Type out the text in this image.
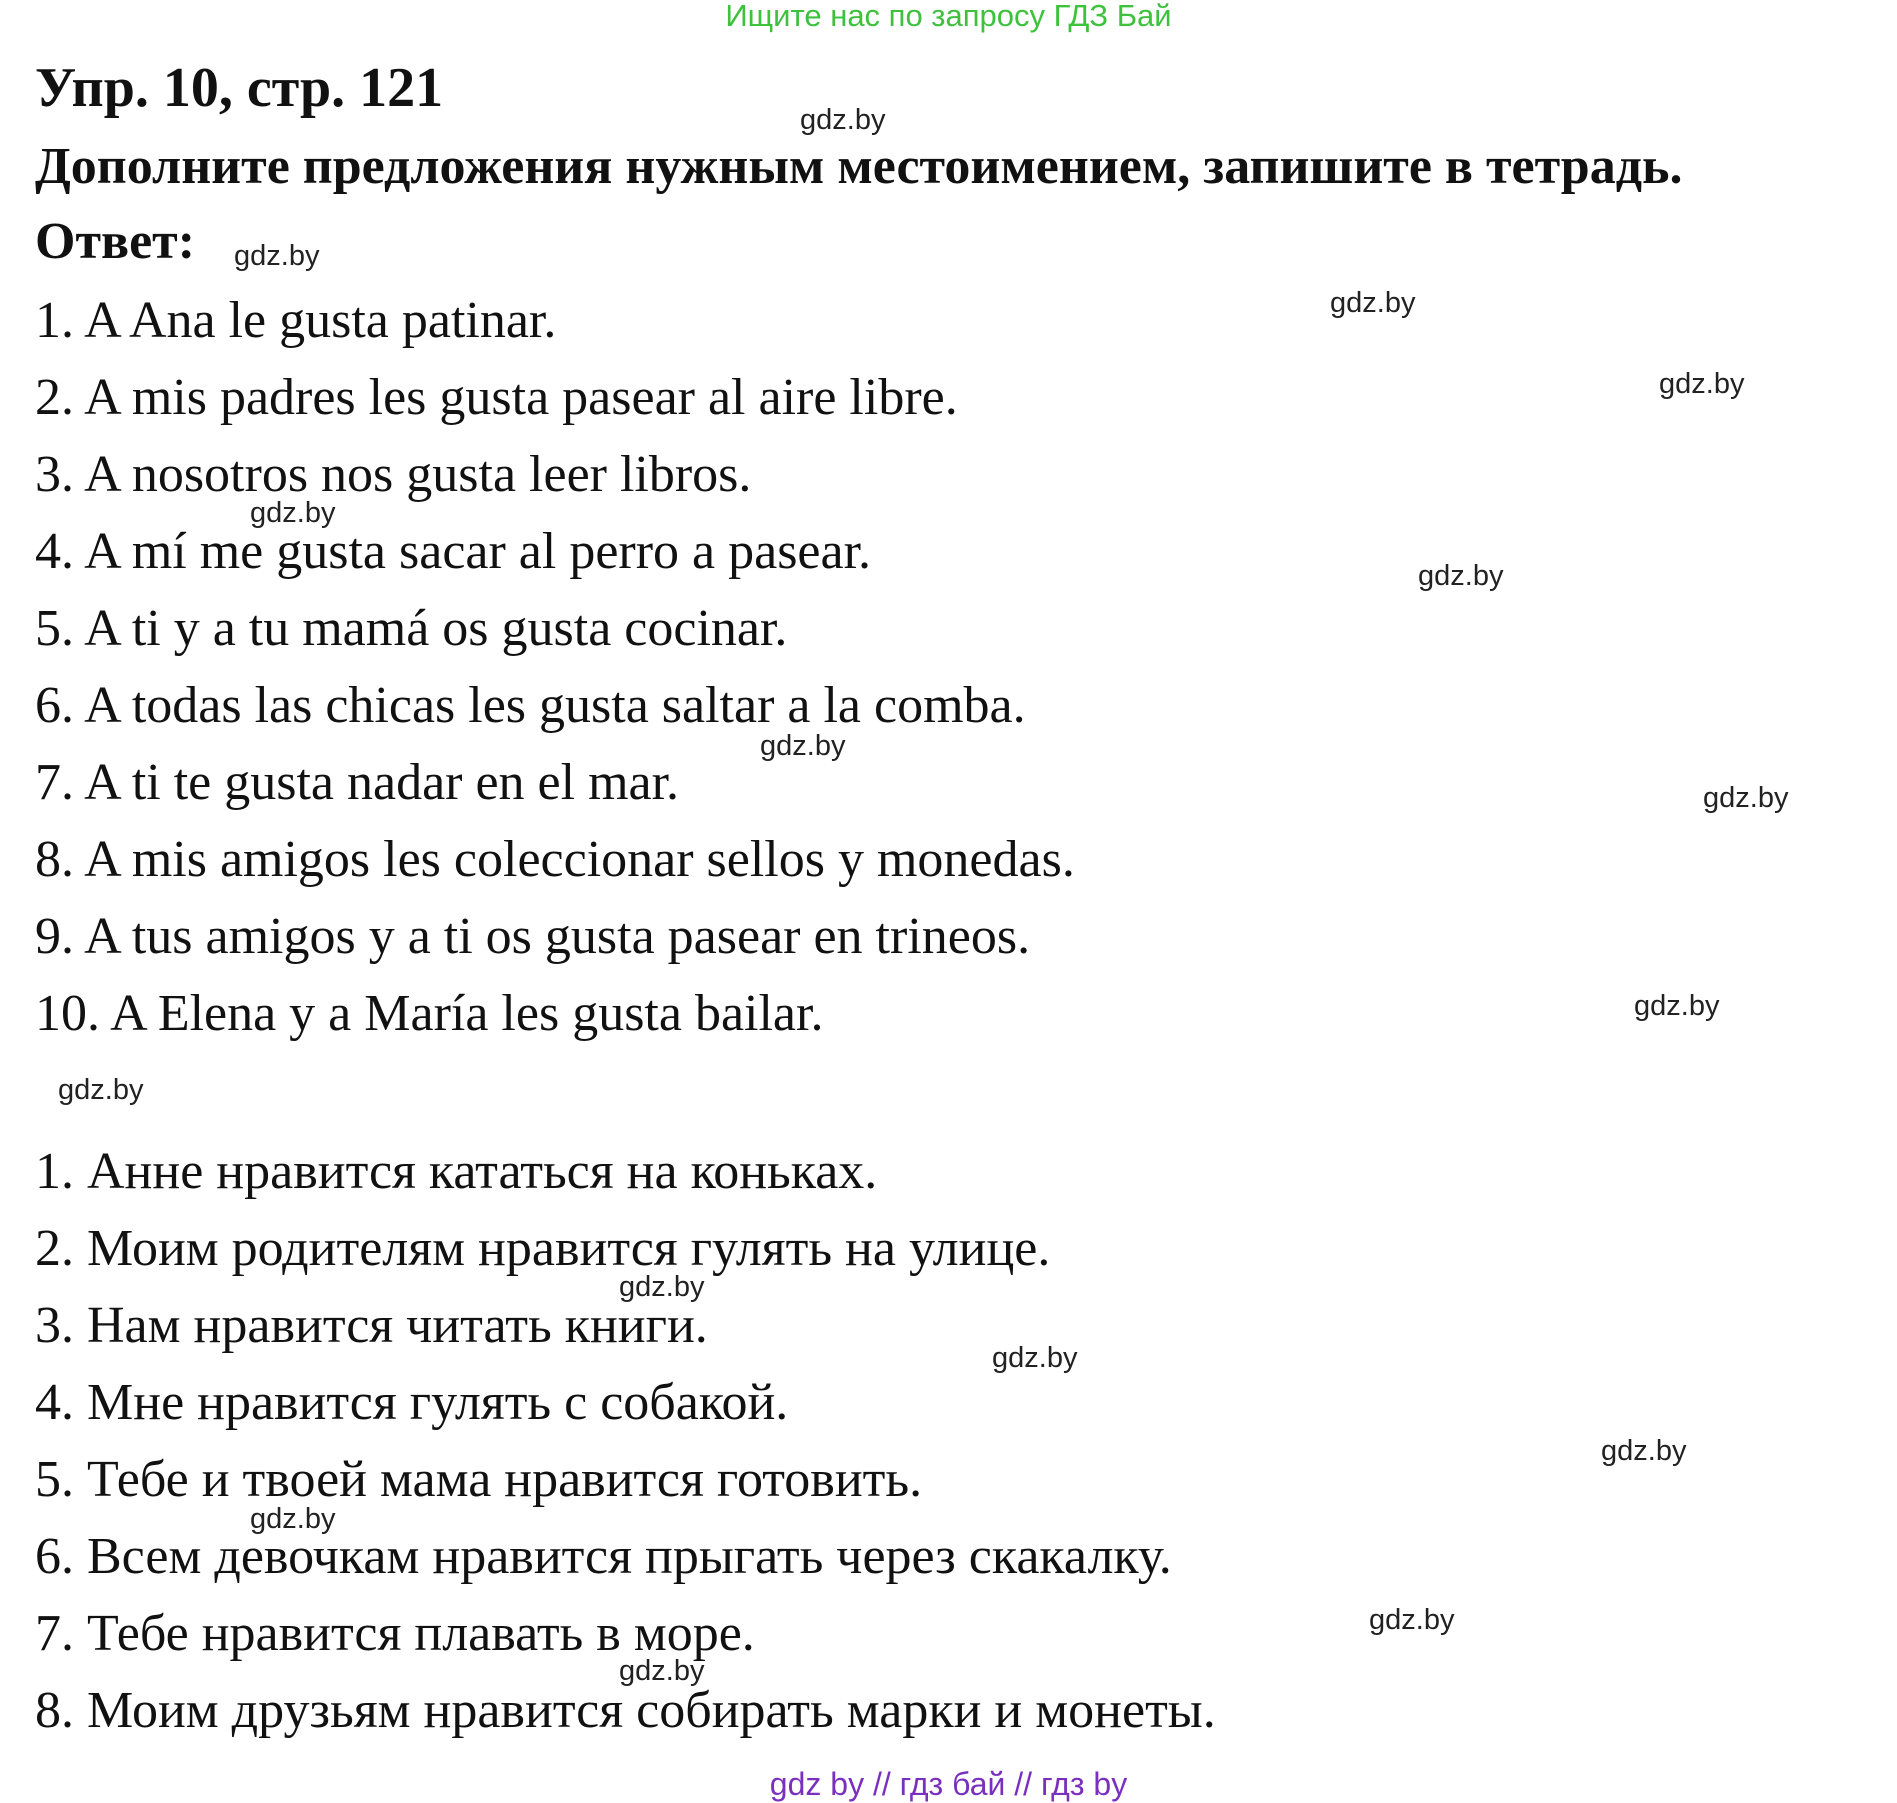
Ищите нас по запросу ГДЗ Бай
Упр. 10, стр. 121
Дополните предложения нужным местоимением, запишите в тетрадь.
Ответ:
1. A Ana le gusta patinar.
2. A mis padres les gusta pasear al aire libre.
3. A nosotros nos gusta leer libros.
4. A mí me gusta sacar al perro a pasear.
5. A ti y a tu mamá os gusta cocinar.
6. A todas las chicas les gusta saltar a la comba.
7. A ti te gusta nadar en el mar.
8. A mis amigos les coleccionar sellos y monedas.
9. A tus amigos y a ti os gusta pasear en trineos.
10. A Elena y a María les gusta bailar.
1. Анне нравится кататься на коньках.
2. Моим родителям нравится гулять на улице.
3. Нам нравится читать книги.
4. Мне нравится гулять с собакой.
5. Тебе и твоей мама нравится готовить.
6. Всем девочкам нравится прыгать через скакалку.
7. Тебе нравится плавать в море.
8. Моим друзьям нравится собирать марки и монеты.
gdz.by
gdz.by
gdz.by
gdz.by
gdz.by
gdz.by
gdz.by
gdz.by
gdz.by
gdz.by
gdz.by
gdz.by
gdz.by
gdz.by
gdz.by
gdz.by
gdz by // гдз бай // гдз by
